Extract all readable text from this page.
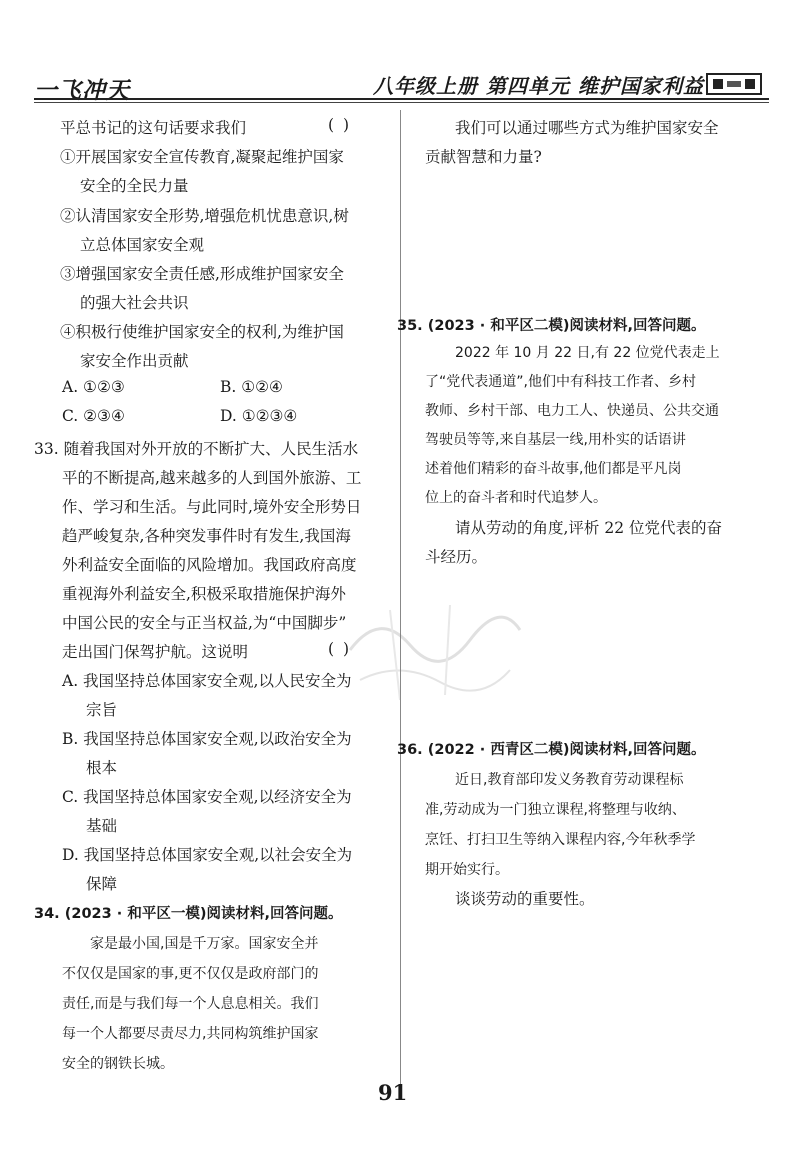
一飞冲天	八年级上册 第四单元 维护国家利益
平总书记的这句话要求我们	( )
①开展国家安全宣传教育,凝聚起维护国家
安全的全民力量
②认清国家安全形势,增强危机忧患意识,树
立总体国家安全观
③增强国家安全责任感,形成维护国家安全
的强大社会共识
④积极行使维护国家安全的权利,为维护国
家安全作出贡献
A. ①②③	B. ①②④
C. ②③④	D. ①②③④
33. 随着我国对外开放的不断扩大、人民生活水
平的不断提高,越来越多的人到国外旅游、工
作、学习和生活。与此同时,境外安全形势日
趋严峻复杂,各种突发事件时有发生,我国海
外利益安全面临的风险增加。我国政府高度
重视海外利益安全,积极采取措施保护海外
中国公民的安全与正当权益,为“中国脚步”
走出国门保驾护航。这说明	( )
A. 我国坚持总体国家安全观,以人民安全为
宗旨
B. 我国坚持总体国家安全观,以政治安全为
根本
C. 我国坚持总体国家安全观,以经济安全为
基础
D. 我国坚持总体国家安全观,以社会安全为
保障
34. (2023 · 和平区一模)阅读材料,回答问题。
家是最小国,国是千万家。国家安全并
不仅仅是国家的事,更不仅仅是政府部门的
责任,而是与我们每一个人息息相关。我们
每一个人都要尽责尽力,共同构筑维护国家
安全的钢铁长城。
我们可以通过哪些方式为维护国家安全
贡献智慧和力量?
35. (2023 · 和平区二模)阅读材料,回答问题。
2022 年 10 月 22 日,有 22 位党代表走上
了“党代表通道”,他们中有科技工作者、乡村
教师、乡村干部、电力工人、快递员、公共交通
驾驶员等等,来自基层一线,用朴实的话语讲
述着他们精彩的奋斗故事,他们都是平凡岗
位上的奋斗者和时代追梦人。
请从劳动的角度,评析 22 位党代表的奋
斗经历。
36. (2022 · 西青区二模)阅读材料,回答问题。
近日,教育部印发义务教育劳动课程标
准,劳动成为一门独立课程,将整理与收纳、
烹饪、打扫卫生等纳入课程内容,今年秋季学
期开始实行。
谈谈劳动的重要性。
91
